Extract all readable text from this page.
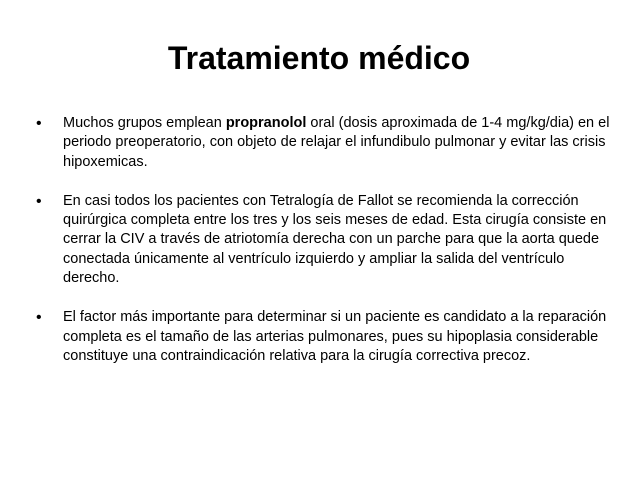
Tratamiento médico
• Muchos grupos emplean propranolol oral (dosis aproximada de 1-4 mg/kg/dia) en el periodo preoperatorio, con objeto de relajar el infundibulo pulmonar y evitar las crisis hipoxemicas.
• En casi todos los pacientes con Tetralogía de Fallot se recomienda la corrección quirúrgica completa entre los tres y los seis meses de edad. Esta cirugía consiste en cerrar la CIV a través de atriotomía derecha con un parche para que la aorta quede conectada únicamente al ventrículo izquierdo y ampliar la salida del ventrículo derecho.
• El factor más importante para determinar si un paciente es candidato a la reparación completa es el tamaño de las arterias pulmonares, pues su hipoplasia considerable constituye una contraindicación relativa para la cirugía correctiva precoz.
